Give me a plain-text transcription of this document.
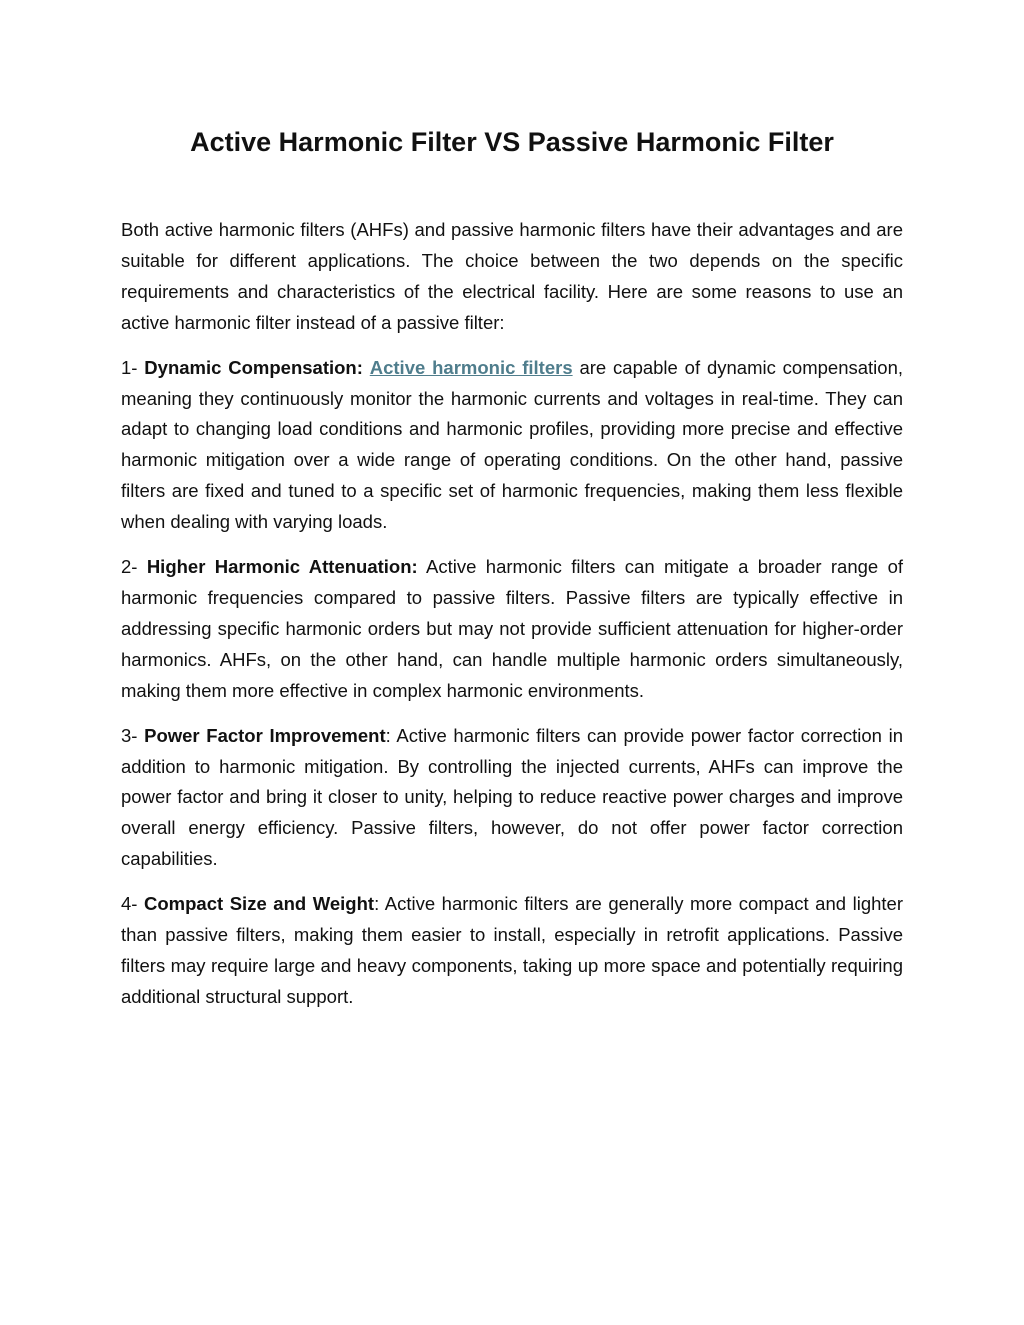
Active Harmonic Filter VS Passive Harmonic Filter

Both active harmonic filters (AHFs) and passive harmonic filters have their advantages and are suitable for different applications. The choice between the two depends on the specific requirements and characteristics of the electrical facility. Here are some reasons to use an active harmonic filter instead of a passive filter:

1- Dynamic Compensation: Active harmonic filters are capable of dynamic compensation, meaning they continuously monitor the harmonic currents and voltages in real-time. They can adapt to changing load conditions and harmonic profiles, providing more precise and effective harmonic mitigation over a wide range of operating conditions. On the other hand, passive filters are fixed and tuned to a specific set of harmonic frequencies, making them less flexible when dealing with varying loads.

2- Higher Harmonic Attenuation: Active harmonic filters can mitigate a broader range of harmonic frequencies compared to passive filters. Passive filters are typically effective in addressing specific harmonic orders but may not provide sufficient attenuation for higher-order harmonics. AHFs, on the other hand, can handle multiple harmonic orders simultaneously, making them more effective in complex harmonic environments.

3- Power Factor Improvement: Active harmonic filters can provide power factor correction in addition to harmonic mitigation. By controlling the injected currents, AHFs can improve the power factor and bring it closer to unity, helping to reduce reactive power charges and improve overall energy efficiency. Passive filters, however, do not offer power factor correction capabilities.

4- Compact Size and Weight: Active harmonic filters are generally more compact and lighter than passive filters, making them easier to install, especially in retrofit applications. Passive filters may require large and heavy components, taking up more space and potentially requiring additional structural support.
